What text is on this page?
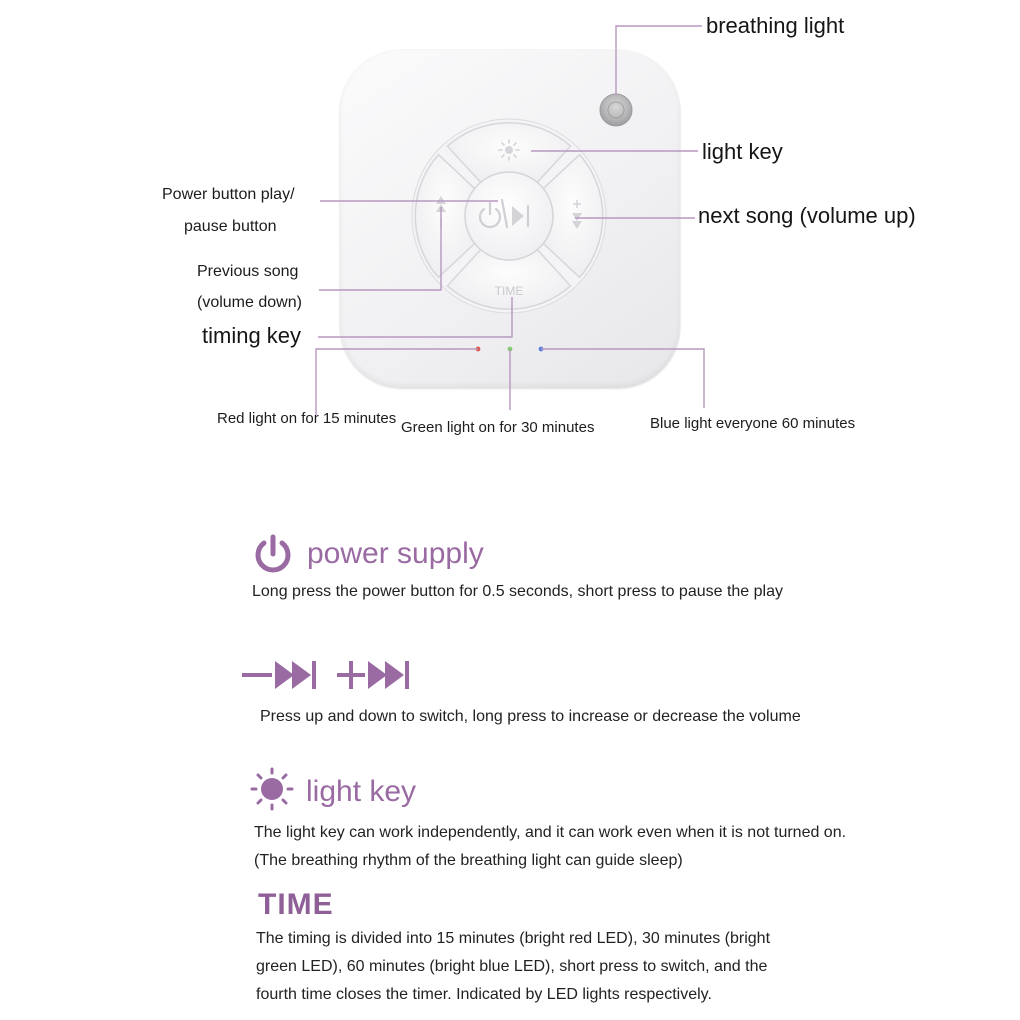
TIME
breathing light
light key
Power button play/
pause button	next song (volume up)
Previous song
(volume down)
timing key
Red light on for 15 minutes
Green light on for 30 minutes	Blue light everyone 60 minutes
power supply
Long press the power button for 0.5 seconds, short press to pause the play
Press up and down to switch, long press to increase or decrease the volume
light key
The light key can work independently, and it can work even when it is not turned on.
(The breathing rhythm of the breathing light can guide sleep)
TIME
The timing is divided into 15 minutes (bright red LED), 30 minutes (bright
green LED), 60 minutes (bright blue LED), short press to switch, and the
fourth time closes the timer. Indicated by LED lights respectively.
